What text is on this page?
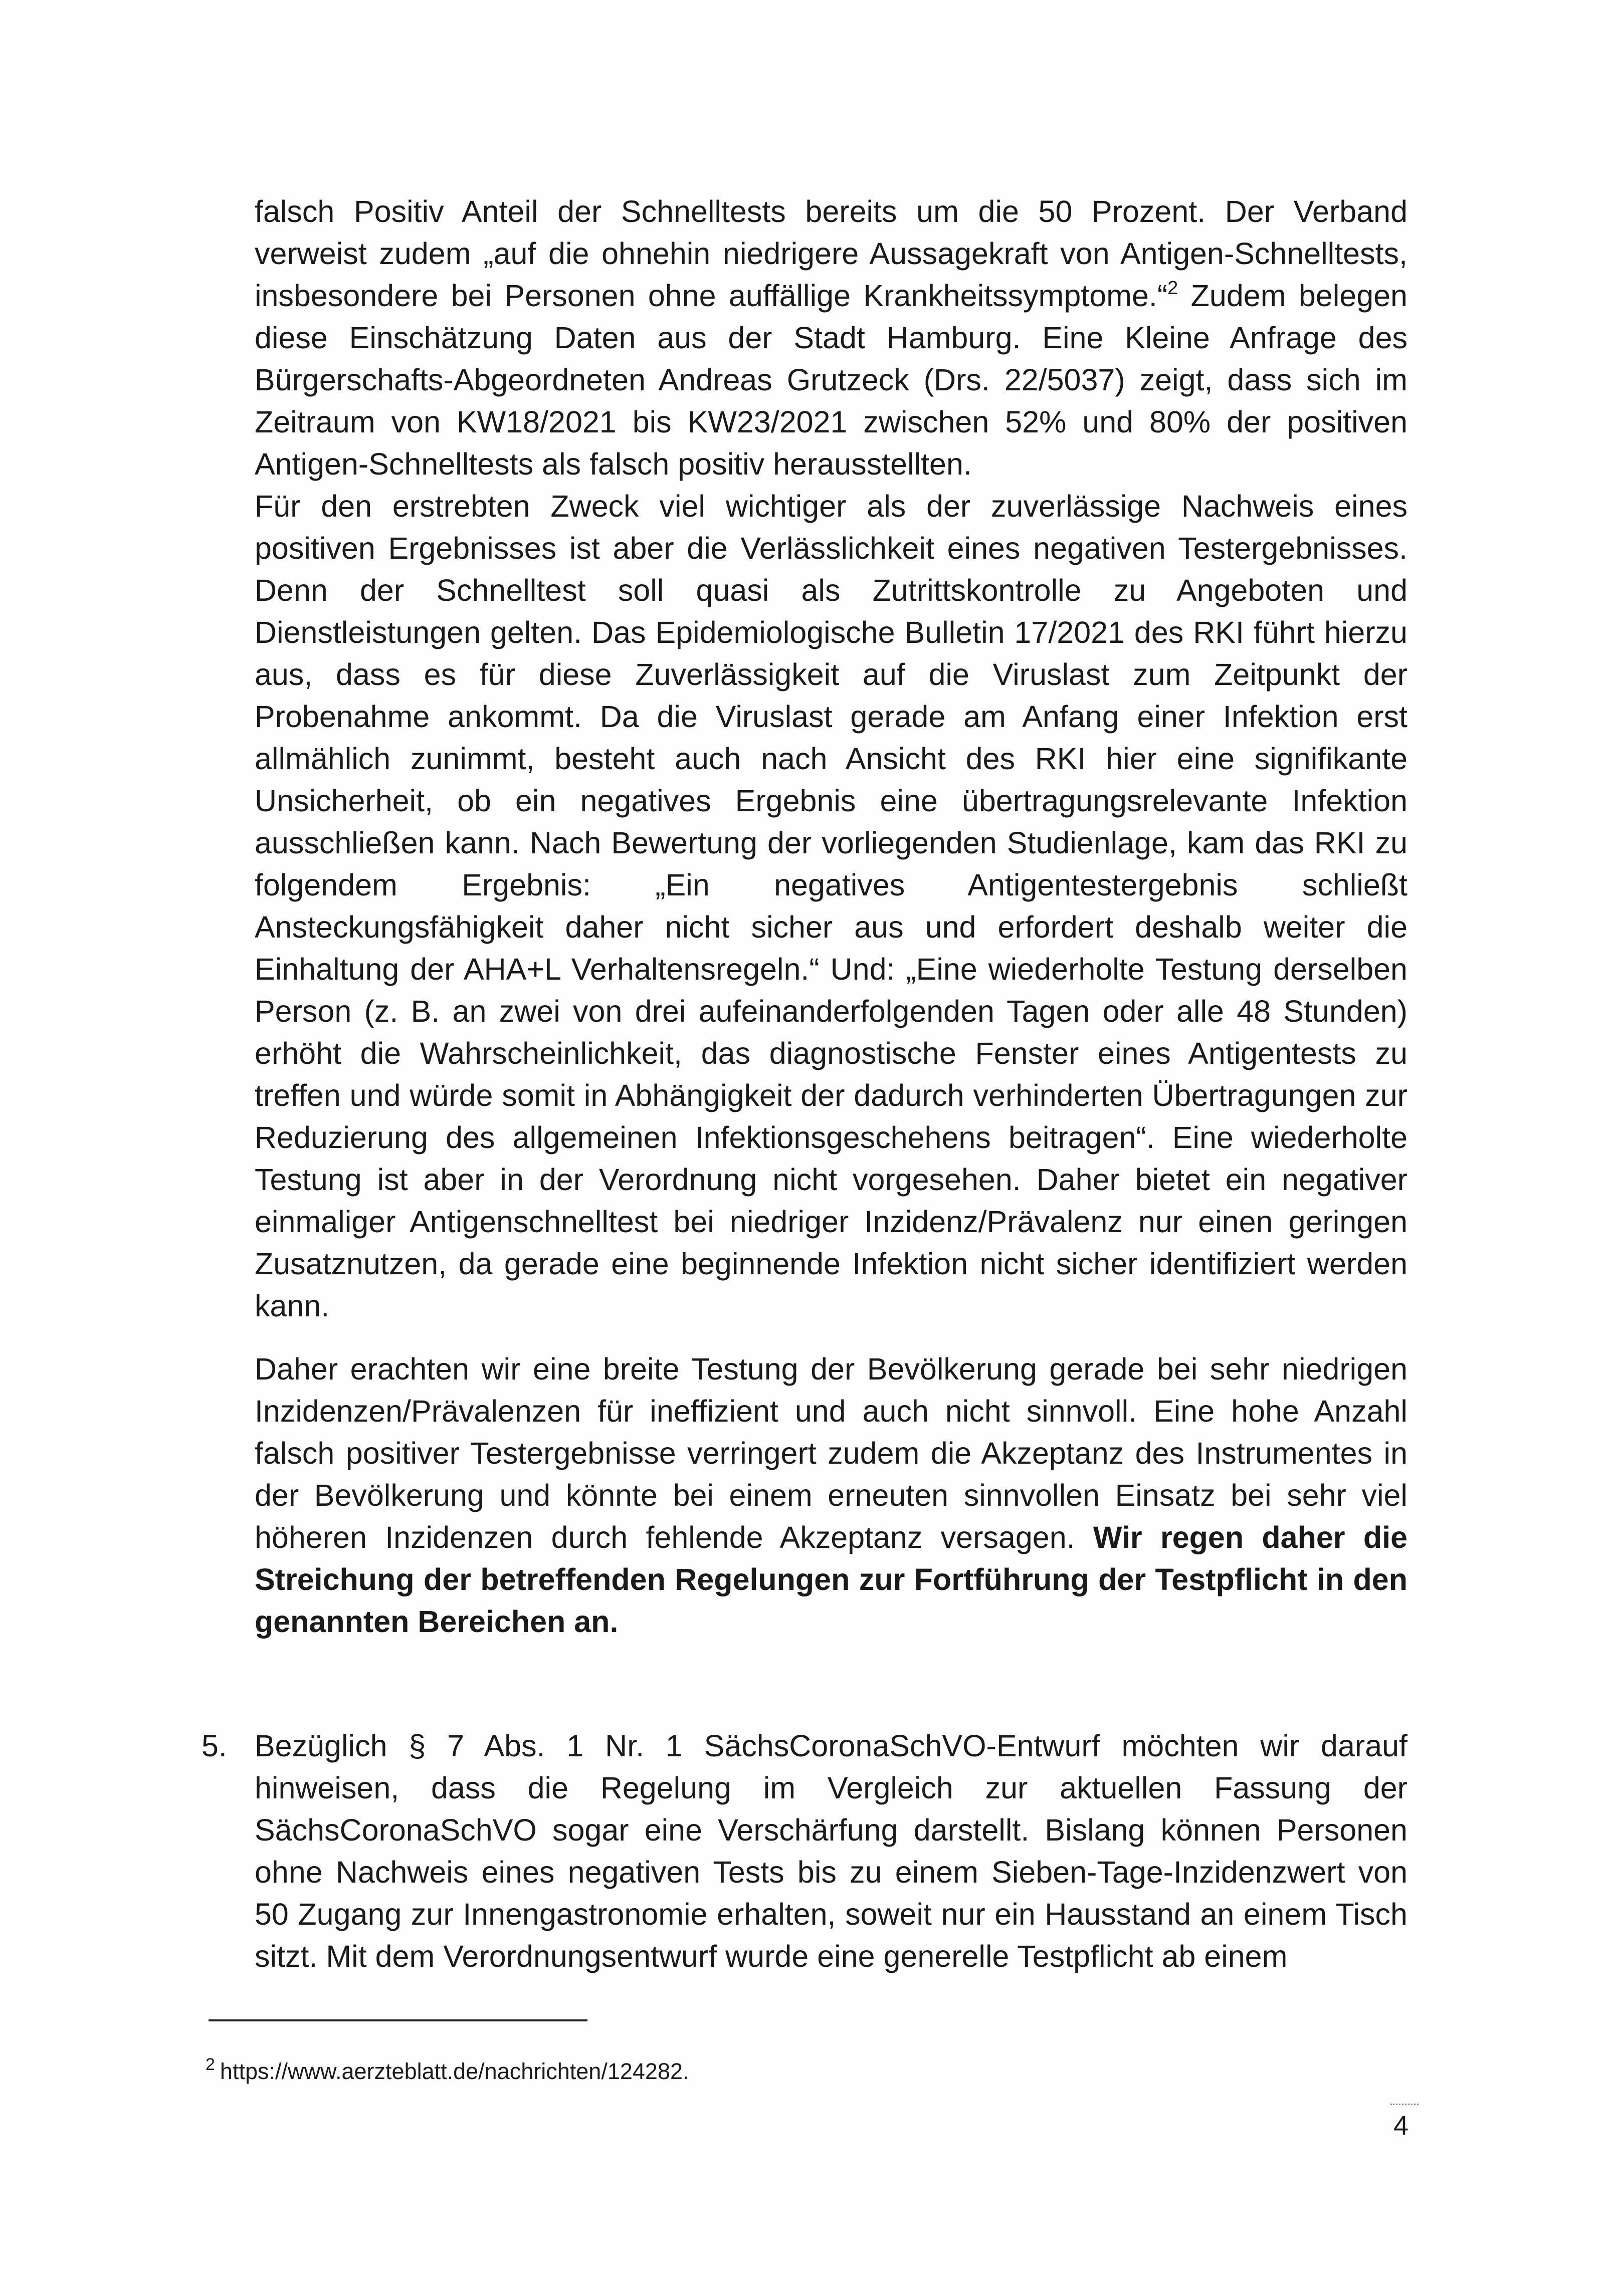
falsch Positiv Anteil der Schnelltests bereits um die 50 Prozent. Der Verband verweist zudem „auf die ohnehin niedrigere Aussagekraft von Antigen-Schnelltests, insbesondere bei Personen ohne auffällige Krankheitssymptome.“$^2$ Zudem belegen diese Einschätzung Daten aus der Stadt Hamburg. Eine Kleine Anfrage des Bürgerschafts-Abgeordneten Andreas Grutzeck (Drs. 22/5037) zeigt, dass sich im Zeitraum von KW18/2021 bis KW23/2021 zwischen 52% und 80% der positiven Antigen-Schnelltests als falsch positiv herausstellten.
Für den erstrebten Zweck viel wichtiger als der zuverlässige Nachweis eines positiven Ergebnisses ist aber die Verlässlichkeit eines negativen Testergebnisses. Denn der Schnelltest soll quasi als Zutrittskontrolle zu Angeboten und Dienstleistungen gelten. Das Epidemiologische Bulletin 17/2021 des RKI führt hierzu aus, dass es für diese Zuverlässigkeit auf die Viruslast zum Zeitpunkt der Probenahme ankommt. Da die Viruslast gerade am Anfang einer Infektion erst allmählich zunimmt, besteht auch nach Ansicht des RKI hier eine signifikante Unsicherheit, ob ein negatives Ergebnis eine übertragungsrelevante Infektion ausschließen kann. Nach Bewertung der vorliegenden Studienlage, kam das RKI zu folgendem Ergebnis: „Ein negatives Antigentestergebnis schließt Ansteckungsfähigkeit daher nicht sicher aus und erfordert deshalb weiter die Einhaltung der AHA+L Verhaltensregeln.“ Und: „Eine wiederholte Testung derselben Person (z. B. an zwei von drei aufeinanderfolgenden Tagen oder alle 48 Stunden) erhöht die Wahrscheinlichkeit, das diagnostische Fenster eines Antigentests zu treffen und würde somit in Abhängigkeit der dadurch verhinderten Übertragungen zur Reduzierung des allgemeinen Infektionsgeschehens beitragen“. Eine wiederholte Testung ist aber in der Verordnung nicht vorgesehen. Daher bietet ein negativer einmaliger Antigenschnelltest bei niedriger Inzidenz/Prävalenz nur einen geringen Zusatznutzen, da gerade eine beginnende Infektion nicht sicher identifiziert werden kann.

Daher erachten wir eine breite Testung der Bevölkerung gerade bei sehr niedrigen Inzidenzen/Prävalenzen für ineffizient und auch nicht sinnvoll. Eine hohe Anzahl falsch positiver Testergebnisse verringert zudem die Akzeptanz des Instrumentes in der Bevölkerung und könnte bei einem erneuten sinnvollen Einsatz bei sehr viel höheren Inzidenzen durch fehlende Akzeptanz versagen. Wir regen daher die Streichung der betreffenden Regelungen zur Fortführung der Testpflicht in den genannten Bereichen an.

5. Bezüglich § 7 Abs. 1 Nr. 1 SächsCoronaSchVO-Entwurf möchten wir darauf hinweisen, dass die Regelung im Vergleich zur aktuellen Fassung der SächsCoronaSchVO sogar eine Verschärfung darstellt. Bislang können Personen ohne Nachweis eines negativen Tests bis zu einem Sieben-Tage-Inzidenzwert von 50 Zugang zur Innengastronomie erhalten, soweit nur ein Hausstand an einem Tisch sitzt. Mit dem Verordnungsentwurf wurde eine generelle Testpflicht ab einem

$^2$ https://www.aerzteblatt.de/nachrichten/124282.

4
